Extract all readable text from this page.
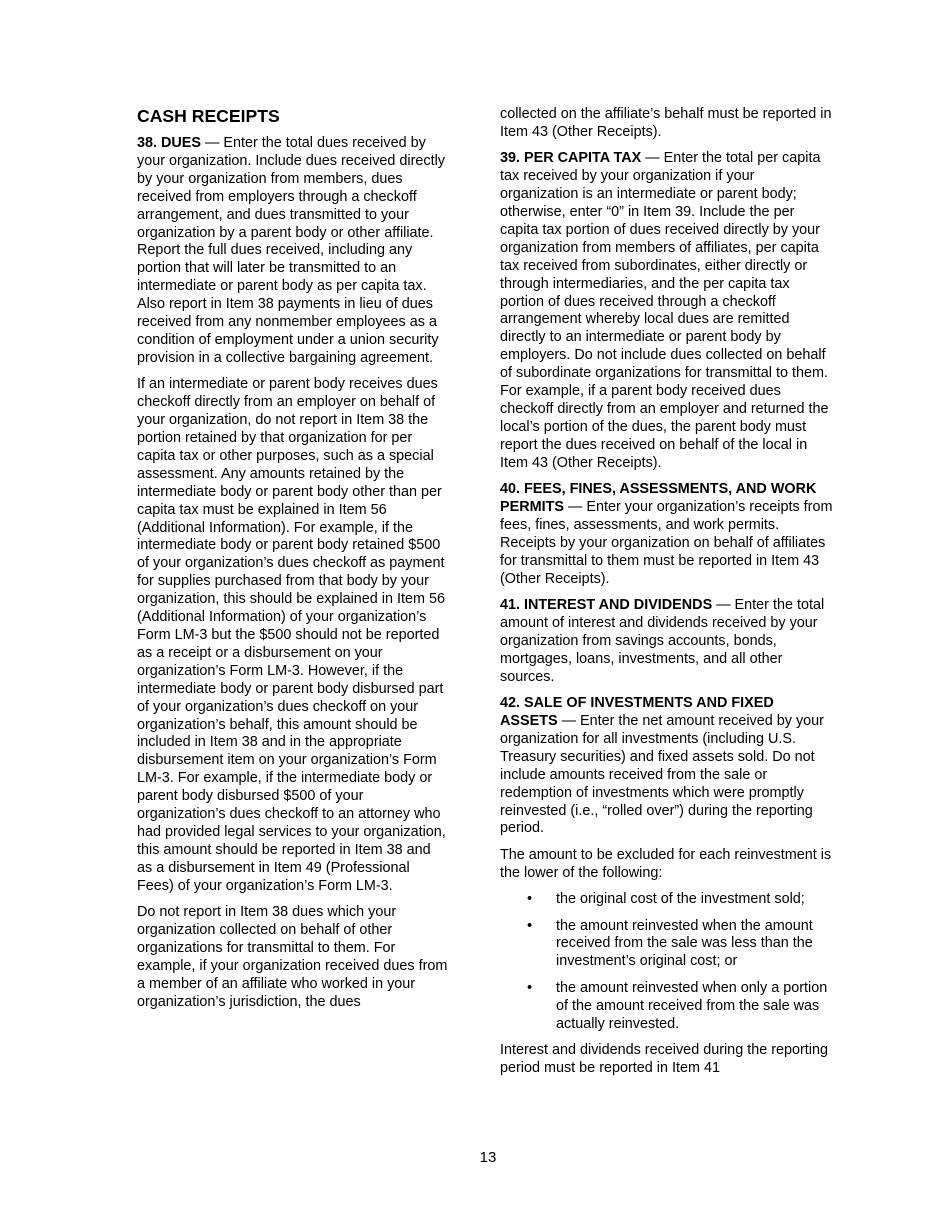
CASH RECEIPTS

38. DUES — Enter the total dues received by your organization. Include dues received directly by your organization from members, dues received from employers through a checkoff arrangement, and dues transmitted to your organization by a parent body or other affiliate. Report the full dues received, including any portion that will later be transmitted to an intermediate or parent body as per capita tax. Also report in Item 38 payments in lieu of dues received from any nonmember employees as a condition of employment under a union security provision in a collective bargaining agreement.

If an intermediate or parent body receives dues checkoff directly from an employer on behalf of your organization, do not report in Item 38 the portion retained by that organization for per capita tax or other purposes, such as a special assessment. Any amounts retained by the intermediate body or parent body other than per capita tax must be explained in Item 56 (Additional Information). For example, if the intermediate body or parent body retained $500 of your organization’s dues checkoff as payment for supplies purchased from that body by your organization, this should be explained in Item 56 (Additional Information) of your organization’s Form LM-3 but the $500 should not be reported as a receipt or a disbursement on your organization’s Form LM-3. However, if the intermediate body or parent body disbursed part of your organization’s dues checkoff on your organization’s behalf, this amount should be included in Item 38 and in the appropriate disbursement item on your organization’s Form LM-3. For example, if the intermediate body or parent body disbursed $500 of your organization’s dues checkoff to an attorney who had provided legal services to your organization, this amount should be reported in Item 38 and as a disbursement in Item 49 (Professional Fees) of your organization’s Form LM-3.

Do not report in Item 38 dues which your organization collected on behalf of other organizations for transmittal to them. For example, if your organization received dues from a member of an affiliate who worked in your organization’s jurisdiction, the dues

collected on the affiliate’s behalf must be reported in Item 43 (Other Receipts).

39. PER CAPITA TAX — Enter the total per capita tax received by your organization if your organization is an intermediate or parent body; otherwise, enter “0” in Item 39. Include the per capita tax portion of dues received directly by your organization from members of affiliates, per capita tax received from subordinates, either directly or through intermediaries, and the per capita tax portion of dues received through a checkoff arrangement whereby local dues are remitted directly to an intermediate or parent body by employers. Do not include dues collected on behalf of subordinate organizations for transmittal to them. For example, if a parent body received dues checkoff directly from an employer and returned the local’s portion of the dues, the parent body must report the dues received on behalf of the local in Item 43 (Other Receipts).

40. FEES, FINES, ASSESSMENTS, AND WORK PERMITS — Enter your organization’s receipts from fees, fines, assessments, and work permits. Receipts by your organization on behalf of affiliates for transmittal to them must be reported in Item 43 (Other Receipts).

41. INTEREST AND DIVIDENDS — Enter the total amount of interest and dividends received by your organization from savings accounts, bonds, mortgages, loans, investments, and all other sources.

42. SALE OF INVESTMENTS AND FIXED ASSETS — Enter the net amount received by your organization for all investments (including U.S. Treasury securities) and fixed assets sold. Do not include amounts received from the sale or redemption of investments which were promptly reinvested (i.e., “rolled over”) during the reporting period.

The amount to be excluded for each reinvestment is the lower of the following:

• the original cost of the investment sold;
• the amount reinvested when the amount received from the sale was less than the investment’s original cost; or
• the amount reinvested when only a portion of the amount received from the sale was actually reinvested.

Interest and dividends received during the reporting period must be reported in Item 41

13
